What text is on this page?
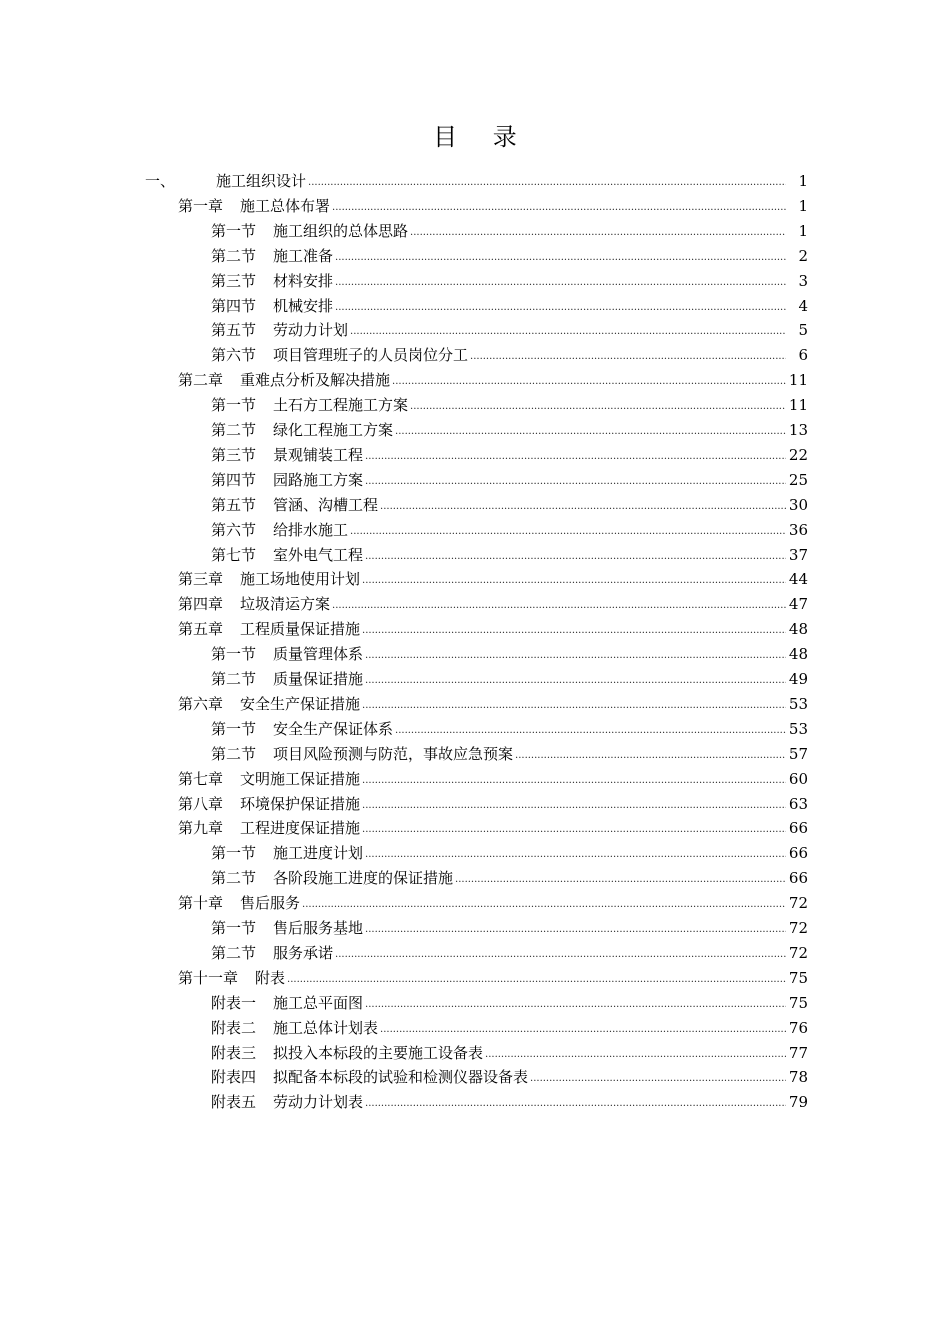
目 录
一、	施工组织设计 .....	1
第一章 施工总体布署 .....	1
第一节 施工组织的总体思路 .....	1
第二节 施工准备 .....	2
第三节 材料安排 .....	3
第四节 机械安排 .....	4
第五节 劳动力计划 .....	5
第六节 项目管理班子的人员岗位分工 .....	6
第二章 重难点分析及解决措施 .....	11
第一节 土石方工程施工方案 .....	11
第二节 绿化工程施工方案 .....	13
第三节 景观铺装工程 .....	22
第四节 园路施工方案 .....	25
第五节 管涵、沟槽工程 .....	30
第六节 给排水施工 .....	36
第七节 室外电气工程 .....	37
第三章 施工场地使用计划 .....	44
第四章 垃圾清运方案 .....	47
第五章 工程质量保证措施 .....	48
第一节 质量管理体系 .....	48
第二节 质量保证措施 .....	49
第六章 安全生产保证措施 .....	53
第一节 安全生产保证体系 .....	53
第二节 项目风险预测与防范，事故应急预案 .....	57
第七章 文明施工保证措施 .....	60
第八章 环境保护保证措施 .....	63
第九章 工程进度保证措施 .....	66
第一节 施工进度计划 .....	66
第二节 各阶段施工进度的保证措施 .....	66
第十章 售后服务 .....	72
第一节 售后服务基地 .....	72
第二节 服务承诺 .....	72
第十一章 附表 .....	75
附表一 施工总平面图 .....	75
附表二 施工总体计划表 .....	76
附表三 拟投入本标段的主要施工设备表 .....	77
附表四 拟配备本标段的试验和检测仪器设备表 .....	78
附表五 劳动力计划表 .....	79
